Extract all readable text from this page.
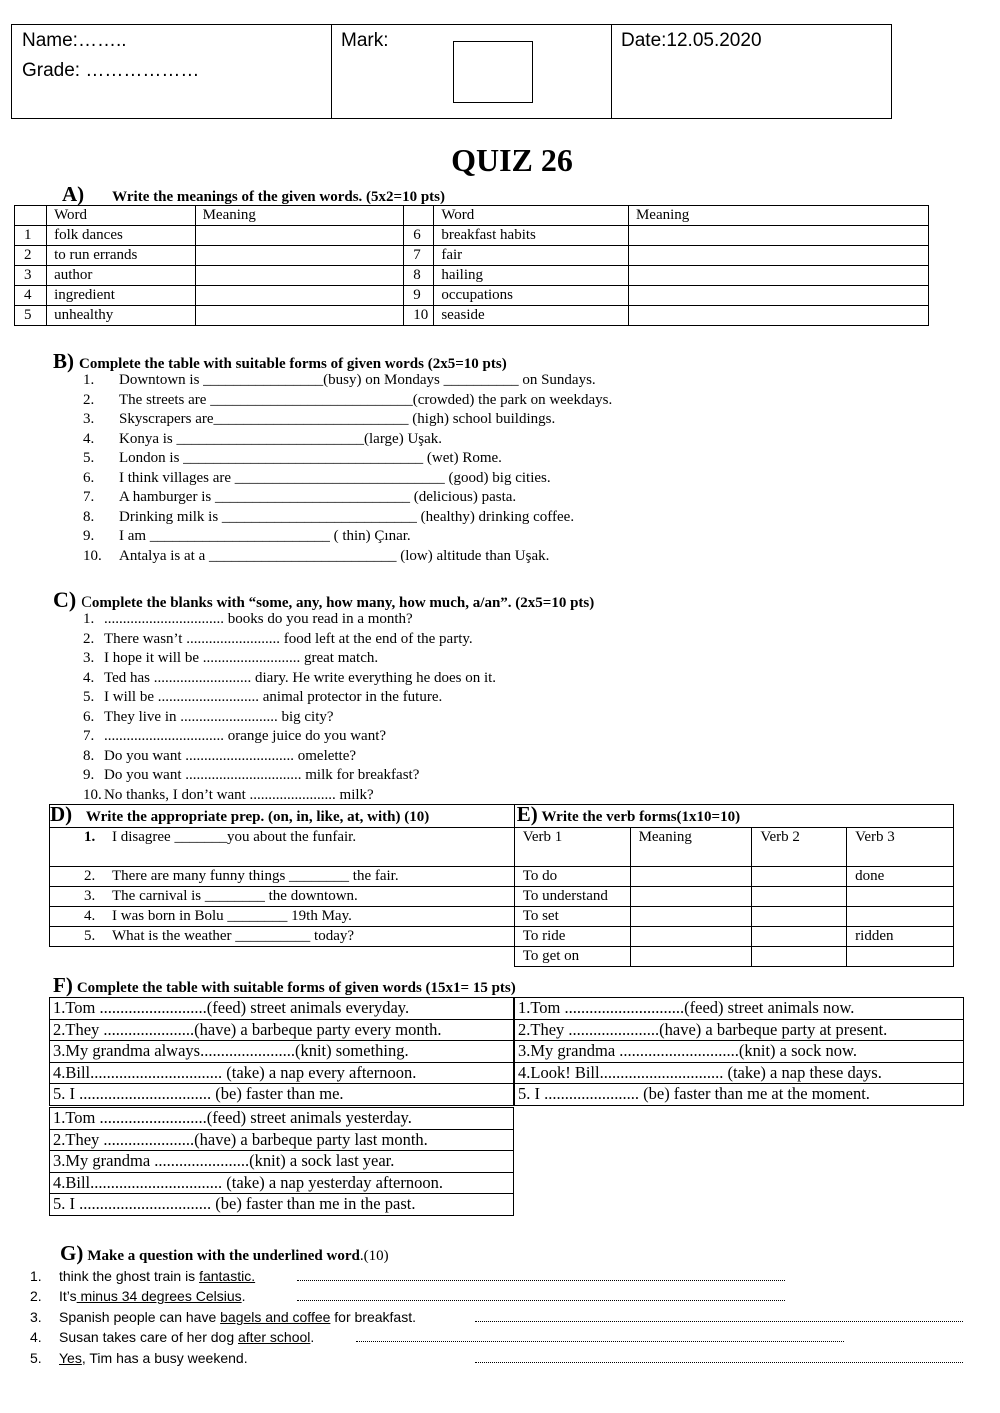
Name:……..
Grade: ………………
Mark:	Date:12.05.2020
QUIZ 26
A) Write the meanings of the given words. (5x2=10 pts)
	Word	Meaning		Word	Meaning
1	folk dances		6	breakfast habits	
2	to run errands		7	fair	
3	author		8	hailing	
4	ingredient		9	occupations	
5	unhealthy		10	seaside	
B) Complete the table with suitable forms of given words (2x5=10 pts)
1. Downtown is ________________(busy) on Mondays __________ on Sundays.
2. The streets are ___________________________(crowded) the park on weekdays.
3. Skyscrapers are__________________________ (high) school buildings.
4. Konya is _________________________(large) Uşak.
5. London is ________________________________ (wet) Rome.
6. I think villages are ____________________________ (good) big cities.
7. A hamburger is __________________________ (delicious) pasta.
8. Drinking milk is __________________________ (healthy) drinking coffee.
9. I am ________________________ ( thin) Çınar.
10. Antalya is at a _________________________ (low) altitude than Uşak.
C) Complete the blanks with “some, any, how many, how much, a/an”. (2x5=10 pts)
1. ................................ books do you read in a month?
2. There wasn’t ......................... food left at the end of the party.
3. I hope it will be .......................... great match.
4. Ted has .......................... diary. He write everything he does on it.
5. I will be ........................... animal protector in the future.
6. They live in .......................... big city?
7. ................................ orange juice do you want?
8. Do you want ............................. omelette?
9. Do you want ............................... milk for breakfast?
10. No thanks, I don’t want ....................... milk?
D) Write the appropriate prep. (on, in, like, at, with) (10)	E) Write the verb forms(1x10=10)			
1. I disagree _______you about the funfair.	Verb 1	Meaning	Verb 2	Verb 3
2. There are many funny things ________ the fair.	To do			done
3. The carnival is ________ the downtown.	To understand			
4. I was born in Bolu ________ 19th May.	To set			
5. What is the weather __________ today?	To ride			ridden
	To get on			
F) Complete the table with suitable forms of given words (15x1= 15 pts)
1.Tom ..........................(feed) street animals everyday.
2.They ......................(have) a barbeque party every month.
3.My grandma always.......................(knit) something.
4.Bill................................ (take) a nap every afternoon.
5. I ................................ (be) faster than me.
1.Tom .............................(feed) street animals now.
2.They ......................(have) a barbeque party at present.
3.My grandma .............................(knit) a sock now.
4.Look! Bill.............................. (take) a nap these days.
5. I ....................... (be) faster than me at the moment.
1.Tom ..........................(feed) street animals yesterday.
2.They ......................(have) a barbeque party last month.
3.My grandma .......................(knit) a sock last year.
4.Bill................................ (take) a nap yesterday afternoon.
5. I ................................ (be) faster than me in the past.
G) Make a question with the underlined word.(10)
1. think the ghost train is fantastic.
2. It’s minus 34 degrees Celsius.
3. Spanish people can have bagels and coffee for breakfast.
4. Susan takes care of her dog after school.
5. Yes, Tim has a busy weekend.
